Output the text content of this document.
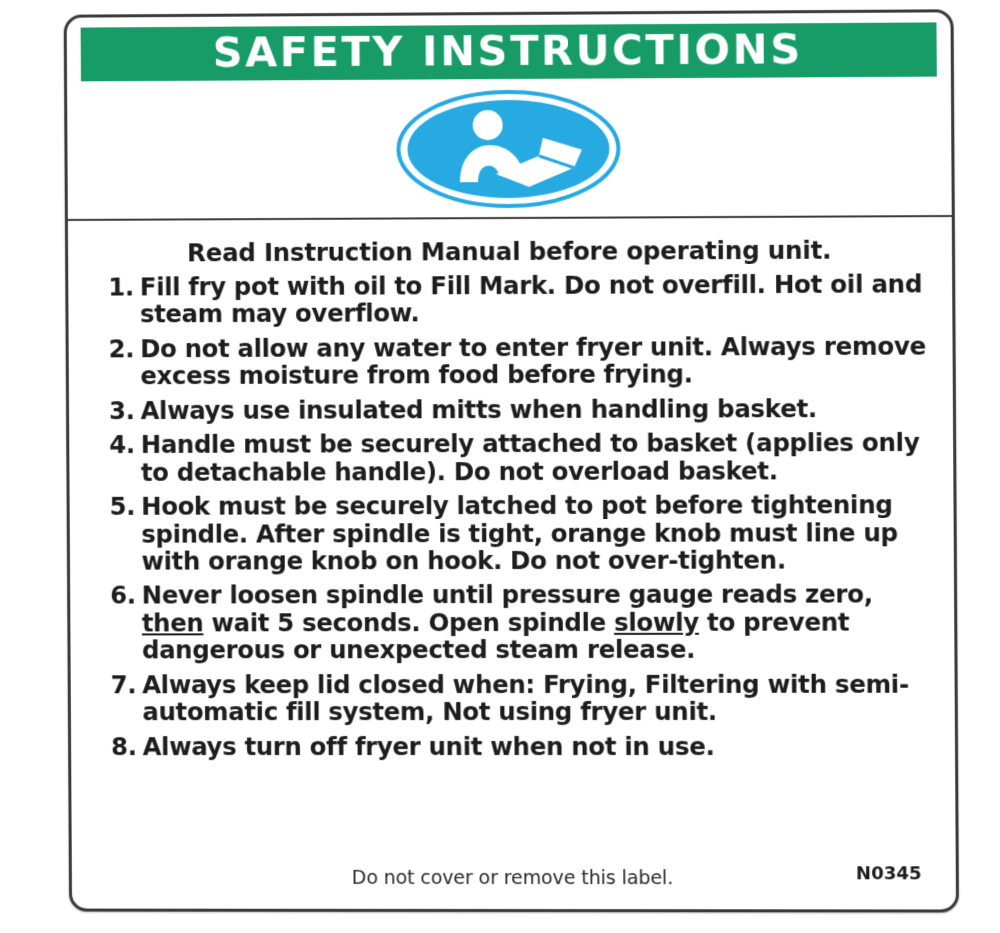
SAFETY INSTRUCTIONS
Read Instruction Manual before operating unit.
1. Fill fry pot with oil to Fill Mark. Do not overfill. Hot oil and steam may overflow.
2. Do not allow any water to enter fryer unit. Always remove excess moisture from food before frying.
3. Always use insulated mitts when handling basket.
4. Handle must be securely attached to basket (applies only to detachable handle). Do not overload basket.
5. Hook must be securely latched to pot before tightening spindle. After spindle is tight, orange knob must line up with orange knob on hook. Do not over-tighten.
6. Never loosen spindle until pressure gauge reads zero, then wait 5 seconds. Open spindle slowly to prevent dangerous or unexpected steam release.
7. Always keep lid closed when: Frying, Filtering with semi-automatic fill system, Not using fryer unit.
8. Always turn off fryer unit when not in use.
Do not cover or remove this label.	N0345
